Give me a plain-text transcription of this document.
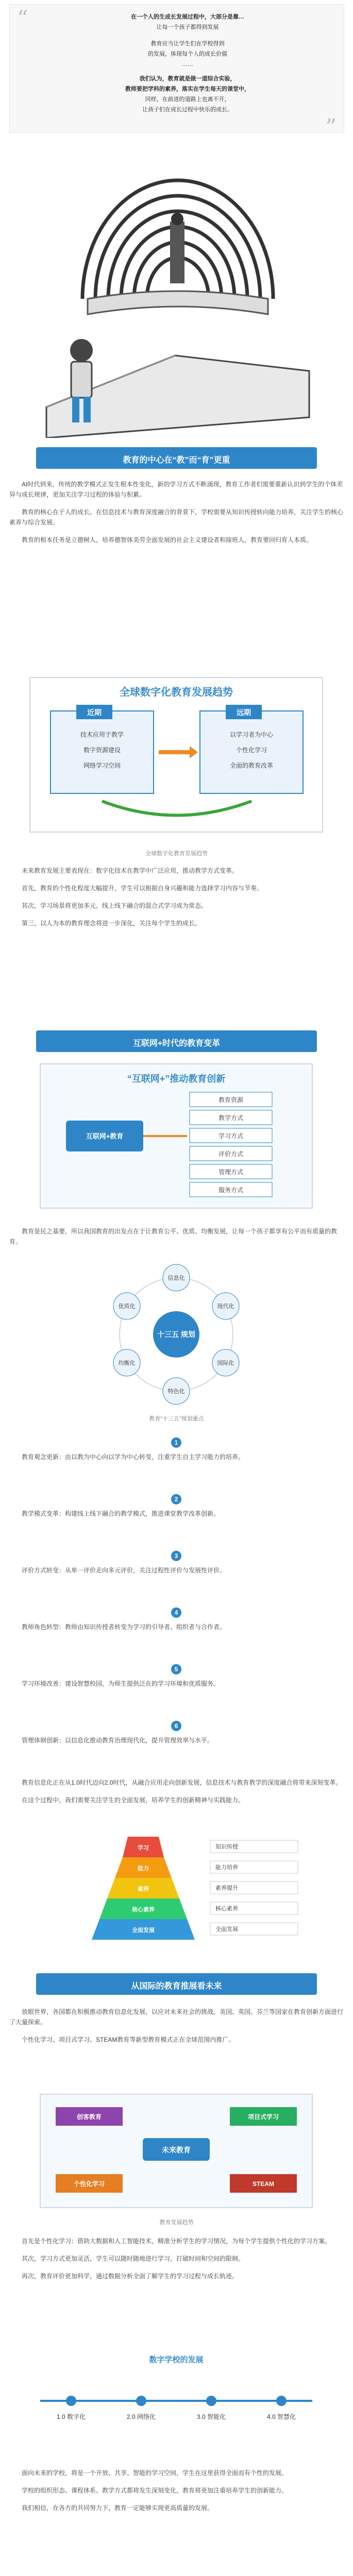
“
”

在一个人的生成长发展过程中，大部分是靠…

让每一个孩子都得到发展

教育应当让学生们在学校得到

的发展，体现每个人的成长价值

……

我们认为，教育就是做一道综合实验，

教师要把学科的素养，落实在学生每天的课堂中，

同样，在前进的道路上也离不开，

让孩子们在成长过程中快乐的成长。

教育的中心在“教”而“育”更重

AI时代到来，传统的教学模式正发生根本性变化，新的学习方式不断涌现，教育工作者们需要重新认识到学生的个体差异与成长规律，更加关注学习过程的体验与积累。

教育的核心在于人的成长。在信息技术与教育深度融合的背景下，学校需要从知识传授转向能力培养，关注学生的核心素养与综合发展。

教育的根本任务是立德树人，培养德智体美劳全面发展的社会主义建设者和接班人，教育要回归育人本质。

全球数字化教育发展趋势
近期	远期
技术应用于教学
数字资源建设
网络学习空间
以学习者为中心
个性化学习
全面的教育改革
全球数字化教育发展趋势

未来教育发展主要表现在：数字化技术在教学中广泛应用，推动教学方式变革。

首先，教育的个性化程度大幅提升，学生可以根据自身兴趣和能力选择学习内容与节奏。

其次，学习场景将更加多元，线上线下融合的混合式学习成为常态。

第三，以人为本的教育理念将进一步深化，关注每个学生的成长。

互联网+时代的教育变革
“互联网+”推动教育创新
互联网+教育
教育资源
教学方式
学习方式
评价方式
管理方式
服务方式

教育是民之基要，所以我国教育的出发点在于让教育公平、优质、均衡发展，让每一个孩子都享有公平而有质量的教育。

十三五 规划
信息化
现代化
国际化
特色化
均衡化
优质化
教育“十三五”规划重点
1

教育观念更新：由以教为中心向以学为中心转变，注重学生自主学习能力的培养。

2

教学模式变革：构建线上线下融合的教学模式，推进课堂教学改革创新。

3

评价方式转变：从单一评价走向多元评价，关注过程性评价与发展性评价。

4

教师角色转型：教师由知识传授者转变为学习的引导者、组织者与合作者。

5

学习环境改善：建设智慧校园，为师生提供泛在的学习环境和优质服务。

6

管理体制创新：以信息化推动教育治理现代化，提升管理效率与水平。

教育信息化正在从1.0时代迈向2.0时代，从融合应用走向创新发展，信息技术与教育教学的深度融合将带来深刻变革。

在这个过程中，我们需要关注学生的全面发展，培养学生的创新精神与实践能力。

学习
能力
素养
核心素养
全面发展
知识传授
能力培养
素养提升
核心素养
全面发展
从国际的教育推展看未来

放眼世界，各国都在积极推动教育信息化发展，以应对未来社会的挑战。美国、英国、芬兰等国家在教育创新方面进行了大量探索。

个性化学习、项目式学习、STEAM教育等新型教育模式正在全球范围内推广。

未来教育
创客教育	项目式学习
个性化学习	STEAM
教育发展趋势

首先是个性化学习：借助大数据和人工智能技术，精准分析学生的学习情况，为每个学生提供个性化的学习方案。

其次，学习方式更加灵活，学生可以随时随地进行学习，打破时间和空间的限制。

再次，教育评价更加科学，通过数据分析全面了解学生的学习过程与成长轨迹。

数字学校的发展
1.0 数字化	2.0 网络化	3.0 智能化	4.0 智慧化

面向未来的学校，将是一个开放、共享、智能的学习空间，学生在这里获得全面而有个性的发展。

学校的组织形态、课程体系、教学方式都将发生深刻变化，教育将更加注重培养学生的创新能力。

我们相信，在各方的共同努力下，教育一定能够实现更高质量的发展。
